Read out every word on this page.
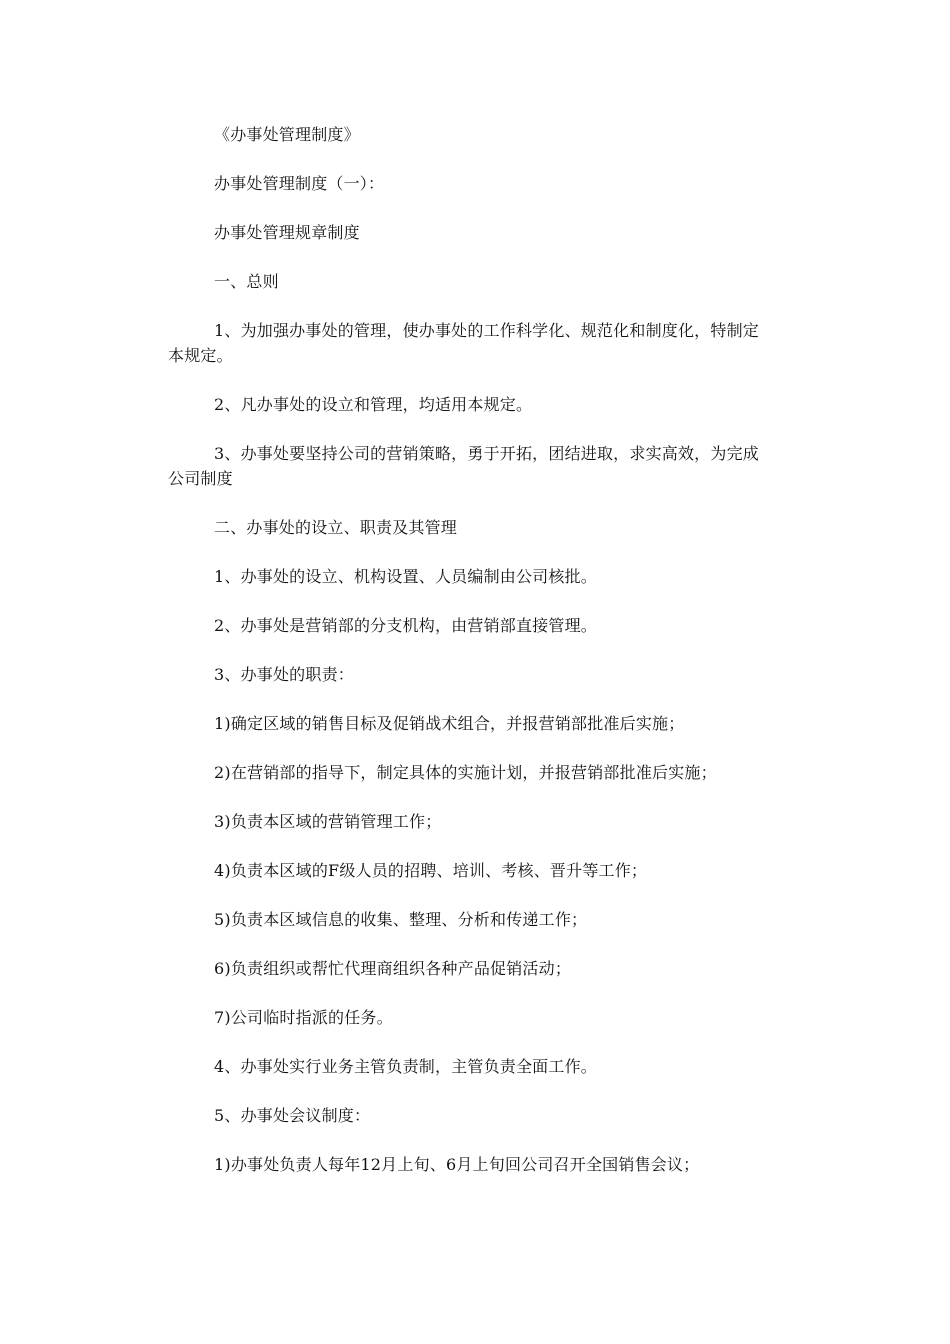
《办事处管理制度》

办事处管理制度（一）：

办事处管理规章制度

一、总则

1、为加强办事处的管理，使办事处的工作科学化、规范化和制度化，特制定本规定。

2、凡办事处的设立和管理，均适用本规定。

3、办事处要坚持公司的营销策略，勇于开拓，团结进取，求实高效，为完成公司制度

二、办事处的设立、职责及其管理

1、办事处的设立、机构设置、人员编制由公司核批。

2、办事处是营销部的分支机构，由营销部直接管理。

3、办事处的职责：

1)确定区域的销售目标及促销战术组合，并报营销部批准后实施；

2)在营销部的指导下，制定具体的实施计划，并报营销部批准后实施；

3)负责本区域的营销管理工作；

4)负责本区域的F级人员的招聘、培训、考核、晋升等工作；

5)负责本区域信息的收集、整理、分析和传递工作；

6)负责组织或帮忙代理商组织各种产品促销活动；

7)公司临时指派的任务。

4、办事处实行业务主管负责制，主管负责全面工作。

5、办事处会议制度：

1)办事处负责人每年12月上旬、6月上旬回公司召开全国销售会议；
